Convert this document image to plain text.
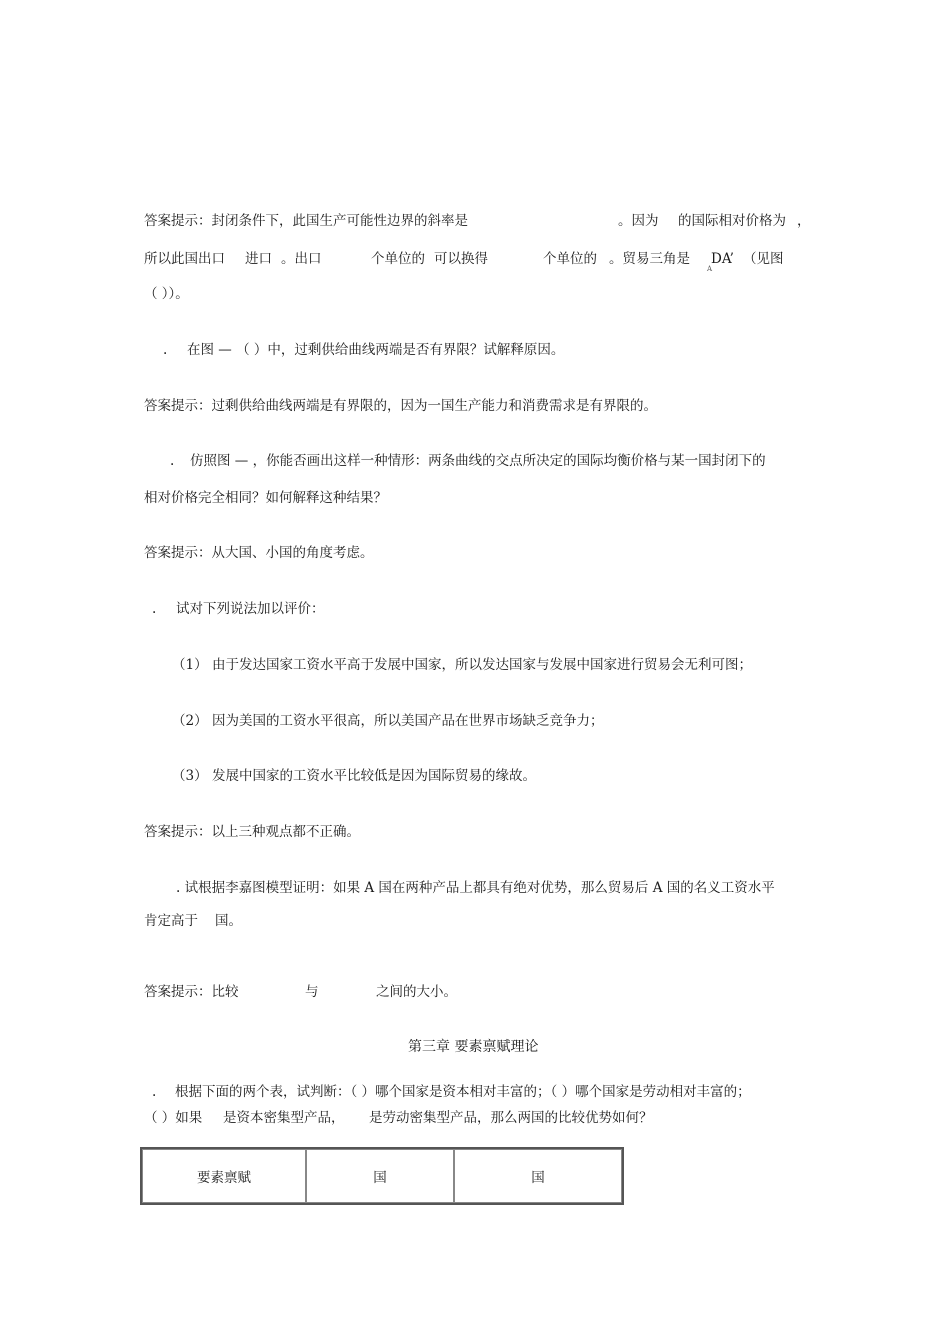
答案提示：封闭条件下，此国生产可能性边界的斜率是	。因为 的国际相对价格为 ，
所以此国出口 进口 。出口	个单位的 可以换得	个单位的 。贸易三角是 DA’
A
（见图
（ ））。
. 在图 — （ ）中，过剩供给曲线两端是否有界限？试解释原因。
答案提示：过剩供给曲线两端是有界限的，因为一国生产能力和消费需求是有界限的。
. 仿照图 — ，你能否画出这样一种情形：两条曲线的交点所决定的国际均衡价格与某一国封闭下的
相对价格完全相同？如何解释这种结果？
答案提示：从大国、小国的角度考虑。
. 试对下列说法加以评价：
（1） 由于发达国家工资水平高于发展中国家，所以发达国家与发展中国家进行贸易会无利可图；
（2） 因为美国的工资水平很高，所以美国产品在世界市场缺乏竞争力；
（3） 发展中国家的工资水平比较低是因为国际贸易的缘故。
答案提示：以上三种观点都不正确。
. 试根据李嘉图模型证明：如果 A 国在两种产品上都具有绝对优势，那么贸易后 A 国的名义工资水平
肯定高于 国。
答案提示：比较	与	之间的大小。
第三章 要素禀赋理论
. 根据下面的两个表，试判断：（ ）哪个国家是资本相对丰富的；（ ）哪个国家是劳动相对丰富的；
（ ）如果 是资本密集型产品， 是劳动密集型产品，那么两国的比较优势如何？
要素禀赋	国	国
